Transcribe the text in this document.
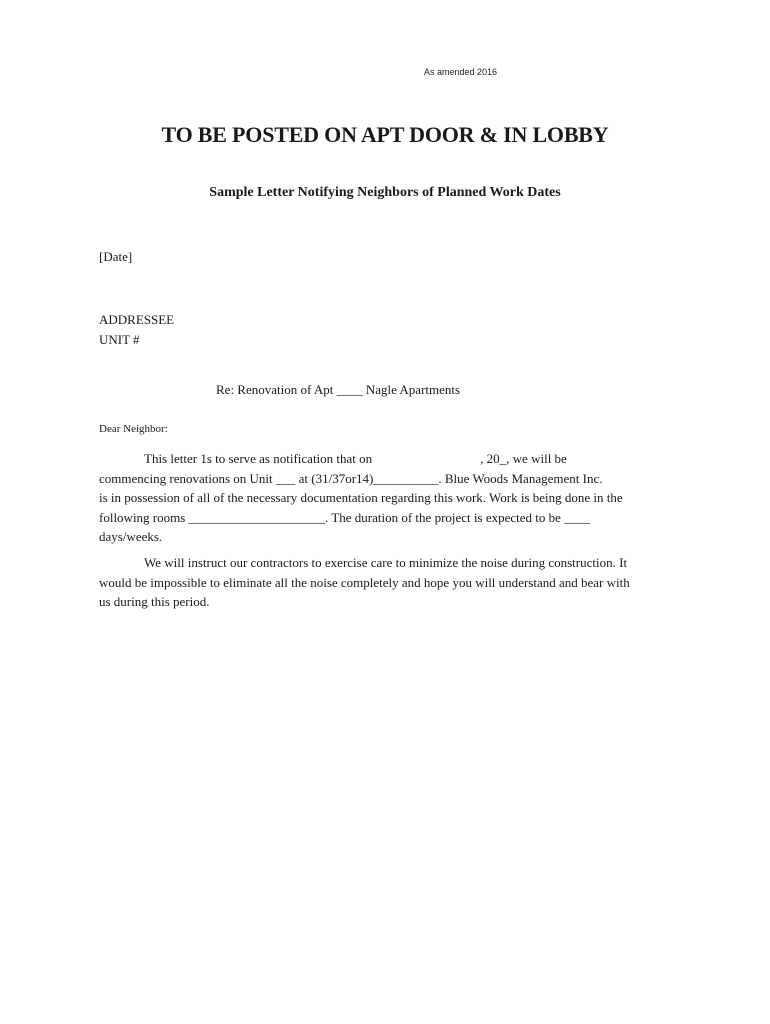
As amended 2016
TO BE POSTED ON APT DOOR & IN LOBBY
Sample Letter Notifying Neighbors of Planned Work Dates
[Date]
ADDRESSEE
UNIT #
Re: Renovation of Apt ____ Nagle Apartments
Dear Neighbor:
This letter 1s to serve as notification that on	, 20_, we will be
commencing renovations on Unit ___ at (31/37or14)__________. Blue Woods Management Inc.
is in possession of all of the necessary documentation regarding this work. Work is being done in the
following rooms _____________________. The duration of the project is expected to be ____
days/weeks.
We will instruct our contractors to exercise care to minimize the noise during construction. It
would be impossible to eliminate all the noise completely and hope you will understand and bear with
us during this period.
